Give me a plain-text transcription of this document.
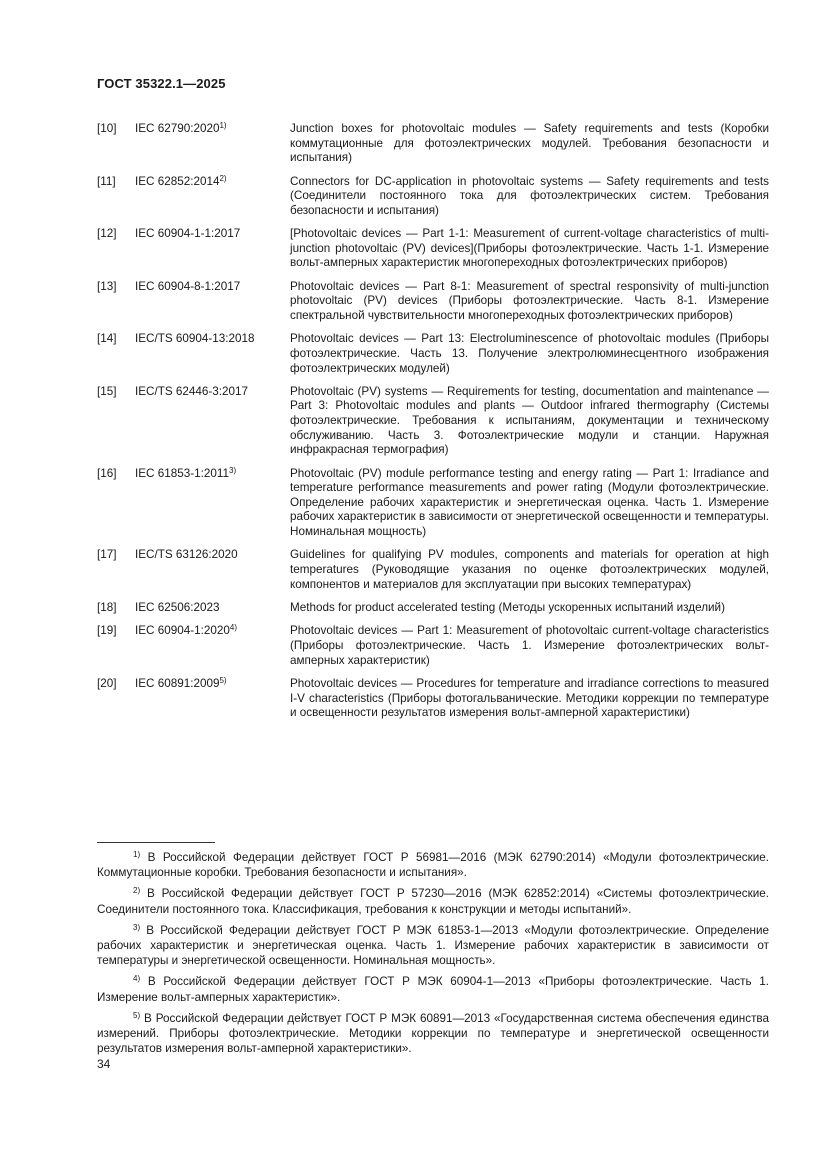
ГОСТ 35322.1—2025
[10] IEC 62790:2020$^{1)}$	Junction boxes for photovoltaic modules — Safety requirements and tests (Коробки коммутационные для фотоэлектрических модулей. Требования безопасности и испытания)
[11] IEC 62852:2014$^{2)}$	Connectors for DC-application in photovoltaic systems — Safety requirements and tests (Соединители постоянного тока для фотоэлектрических систем. Требования безопасности и испытания)
[12] IEC 60904-1-1:2017	[Photovoltaic devices — Part 1-1: Measurement of current-voltage characteristics of multi-junction photovoltaic (PV) devices](Приборы фотоэлектрические. Часть 1-1. Измерение вольт-амперных характеристик многопереходных фотоэлектрических приборов)
[13] IEC 60904-8-1:2017	Photovoltaic devices — Part 8-1: Measurement of spectral responsivity of multi-junction photovoltaic (PV) devices (Приборы фотоэлектрические. Часть 8-1. Измерение спектральной чувствительности многопереходных фотоэлектрических приборов)
[14] IEC/TS 60904-13:2018	Photovoltaic devices — Part 13: Electroluminescence of photovoltaic modules (Приборы фотоэлектрические. Часть 13. Получение электролюминесцентного изображения фотоэлектрических модулей)
[15] IEC/TS 62446-3:2017	Photovoltaic (PV) systems — Requirements for testing, documentation and maintenance — Part 3: Photovoltaic modules and plants — Outdoor infrared thermography (Системы фотоэлектрические. Требования к испытаниям, документации и техническому обслуживанию. Часть 3. Фотоэлектрические модули и станции. Наружная инфракрасная термография)
[16] IEC 61853-1:2011$^{3)}$	Photovoltaic (PV) module performance testing and energy rating — Part 1: Irradiance and temperature performance measurements and power rating (Модули фотоэлектрические. Определение рабочих характеристик и энергетическая оценка. Часть 1. Измерение рабочих характеристик в зависимости от энергетической освещенности и температуры. Номинальная мощность)
[17] IEC/TS 63126:2020	Guidelines for qualifying PV modules, components and materials for operation at high temperatures (Руководящие указания по оценке фотоэлектрических модулей, компонентов и материалов для эксплуатации при высоких температурах)
[18] IEC 62506:2023	Methods for product accelerated testing (Методы ускоренных испытаний изделий)
[19] IEC 60904-1:2020$^{4)}$	Photovoltaic devices — Part 1: Measurement of photovoltaic current-voltage characteristics (Приборы фотоэлектрические. Часть 1. Измерение фотоэлектрических вольт-амперных характеристик)
[20] IEC 60891:2009$^{5)}$	Photovoltaic devices — Procedures for temperature and irradiance corrections to measured I-V characteristics (Приборы фотогальванические. Методики коррекции по температуре и освещенности результатов измерения вольт-амперной характеристики)
$^{1)}$ В Российской Федерации действует ГОСТ Р 56981—2016 (МЭК 62790:2014) «Модули фотоэлектрические. Коммутационные коробки. Требования безопасности и испытания».
$^{2)}$ В Российской Федерации действует ГОСТ Р 57230—2016 (МЭК 62852:2014) «Системы фотоэлектрические. Соединители постоянного тока. Классификация, требования к конструкции и методы испытаний».
$^{3)}$ В Российской Федерации действует ГОСТ Р МЭК 61853-1—2013 «Модули фотоэлектрические. Определение рабочих характеристик и энергетическая оценка. Часть 1. Измерение рабочих характеристик в зависимости от температуры и энергетической освещенности. Номинальная мощность».
$^{4)}$ В Российской Федерации действует ГОСТ Р МЭК 60904-1—2013 «Приборы фотоэлектрические. Часть 1. Измерение вольт-амперных характеристик».
$^{5)}$ В Российской Федерации действует ГОСТ Р МЭК 60891—2013 «Государственная система обеспечения единства измерений. Приборы фотоэлектрические. Методики коррекции по температуре и энергетической освещенности результатов измерения вольт-амперной характеристики».
34
